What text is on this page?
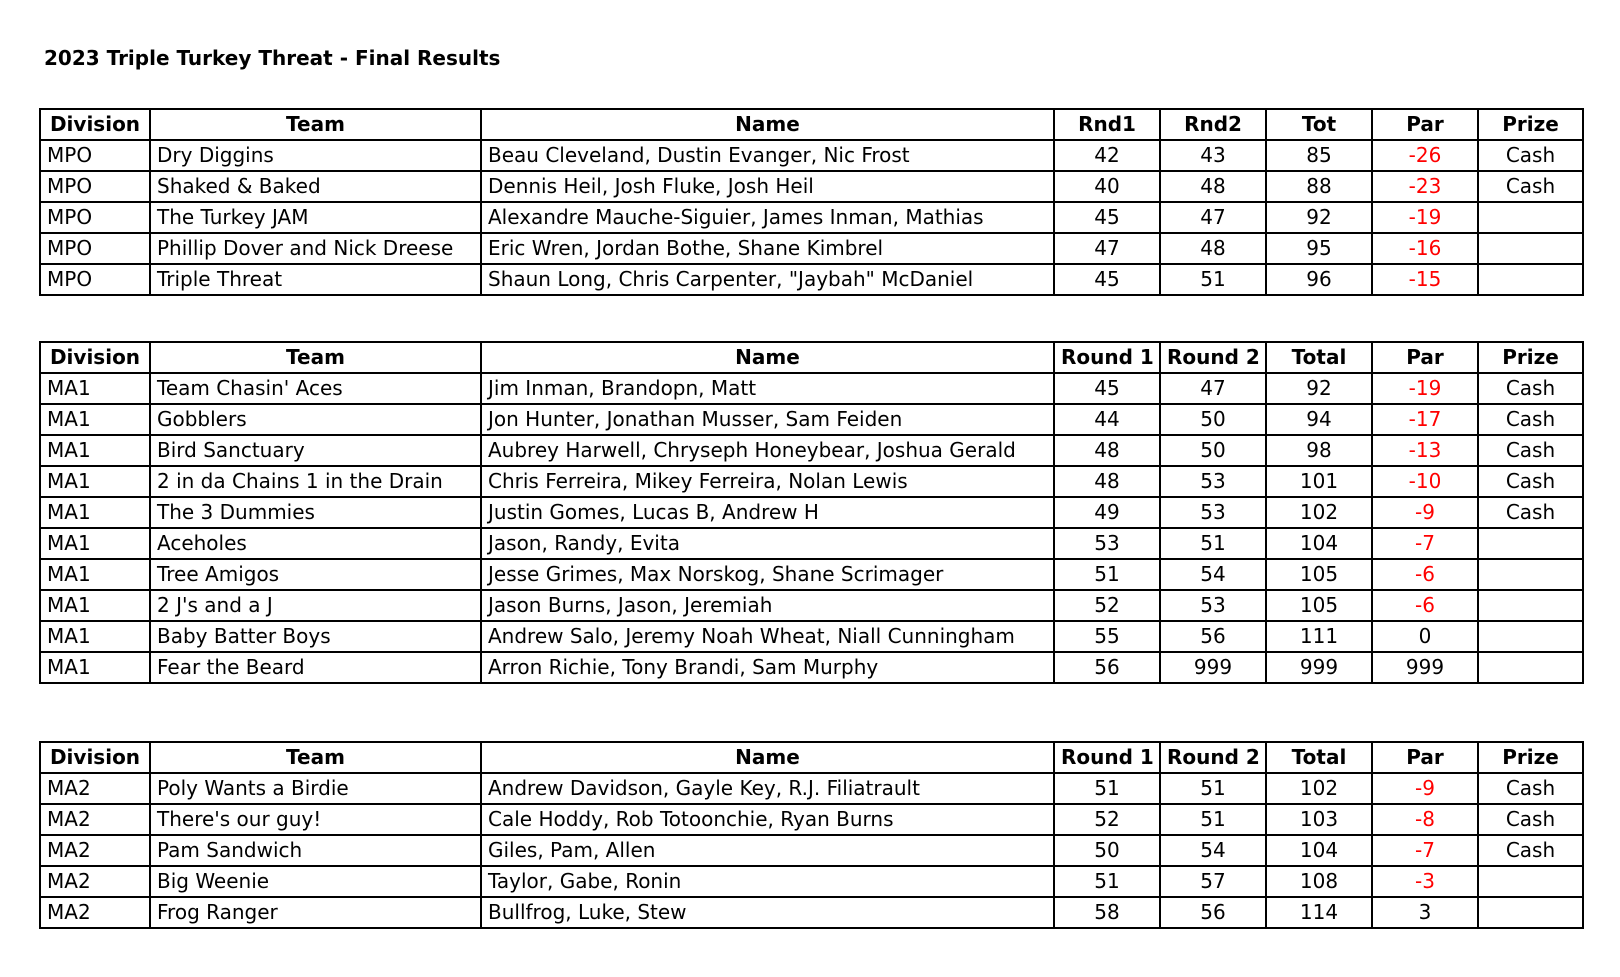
2023 Triple Turkey Threat - Final Results
Division	Team	Name	Rnd1	Rnd2	Tot	Par	Prize
MPO	Dry Diggins	Beau Cleveland, Dustin Evanger, Nic Frost	42	43	85	-26	Cash
MPO	Shaked & Baked	Dennis Heil, Josh Fluke, Josh Heil	40	48	88	-23	Cash
MPO	The Turkey JAM	Alexandre Mauche-Siguier, James Inman, Mathias	45	47	92	-19	
MPO	Phillip Dover and Nick Dreese	Eric Wren, Jordan Bothe, Shane Kimbrel	47	48	95	-16	
MPO	Triple Threat	Shaun Long, Chris Carpenter, "Jaybah" McDaniel	45	51	96	-15	
Division	Team	Name	Round 1	Round 2	Total	Par	Prize
MA1	Team Chasin' Aces	Jim Inman, Brandopn, Matt	45	47	92	-19	Cash
MA1	Gobblers	Jon Hunter, Jonathan Musser, Sam Feiden	44	50	94	-17	Cash
MA1	Bird Sanctuary	Aubrey Harwell, Chryseph Honeybear, Joshua Gerald	48	50	98	-13	Cash
MA1	2 in da Chains 1 in the Drain	Chris Ferreira, Mikey Ferreira, Nolan Lewis	48	53	101	-10	Cash
MA1	The 3 Dummies	Justin Gomes, Lucas B, Andrew H	49	53	102	-9	Cash
MA1	Aceholes	Jason, Randy, Evita	53	51	104	-7	
MA1	Tree Amigos	Jesse Grimes, Max Norskog, Shane Scrimager	51	54	105	-6	
MA1	2 J's and a J	Jason Burns, Jason, Jeremiah	52	53	105	-6	
MA1	Baby Batter Boys	Andrew Salo, Jeremy Noah Wheat, Niall Cunningham	55	56	111	0	
MA1	Fear the Beard	Arron Richie, Tony Brandi, Sam Murphy	56	999	999	999	
Division	Team	Name	Round 1	Round 2	Total	Par	Prize
MA2	Poly Wants a Birdie	Andrew Davidson, Gayle Key, R.J. Filiatrault	51	51	102	-9	Cash
MA2	There's our guy!	Cale Hoddy, Rob Totoonchie, Ryan Burns	52	51	103	-8	Cash
MA2	Pam Sandwich	Giles, Pam, Allen	50	54	104	-7	Cash
MA2	Big Weenie	Taylor, Gabe, Ronin	51	57	108	-3	
MA2	Frog Ranger	Bullfrog, Luke, Stew	58	56	114	3	
